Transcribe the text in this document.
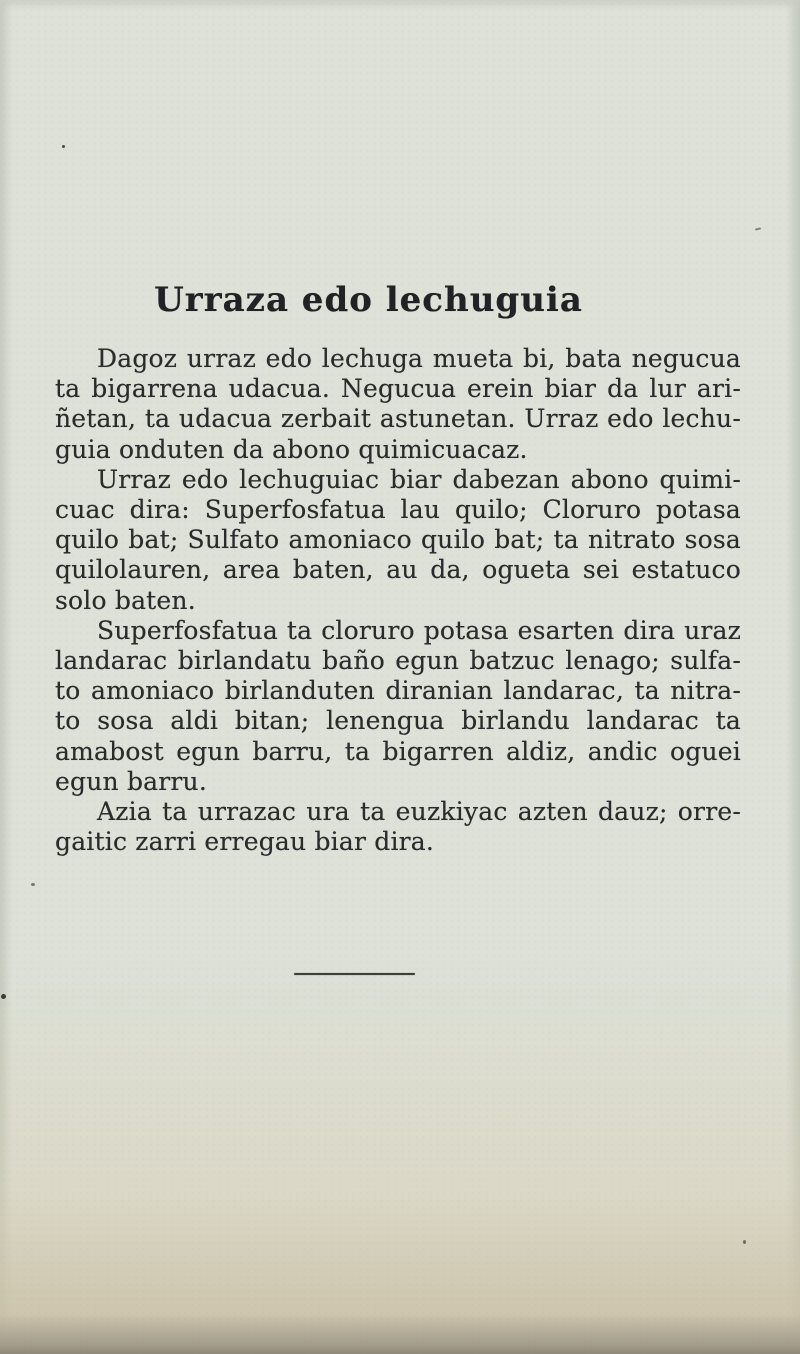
Urraza edo lechuguia
Dagoz urraz edo lechuga mueta bi, bata negucua
ta bigarrena udacua. Negucua erein biar da lur ari-
ñetan, ta udacua zerbait astunetan. Urraz edo lechu-
guia onduten da abono quimicuacaz.
Urraz edo lechuguiac biar dabezan abono quimi-
cuac dira: Superfosfatua lau quilo; Cloruro potasa
quilo bat; Sulfato amoniaco quilo bat; ta nitrato sosa
quilolauren, area baten, au da, ogueta sei estatuco
solo baten.
Superfosfatua ta cloruro potasa esarten dira uraz
landarac birlandatu baño egun batzuc lenago; sulfa-
to amoniaco birlanduten diranian landarac, ta nitra-
to sosa aldi bitan; lenengua birlandu landarac ta
amabost egun barru, ta bigarren aldiz, andic oguei
egun barru.
Azia ta urrazac ura ta euzkiyac azten dauz; orre-
gaitic zarri erregau biar dira.
